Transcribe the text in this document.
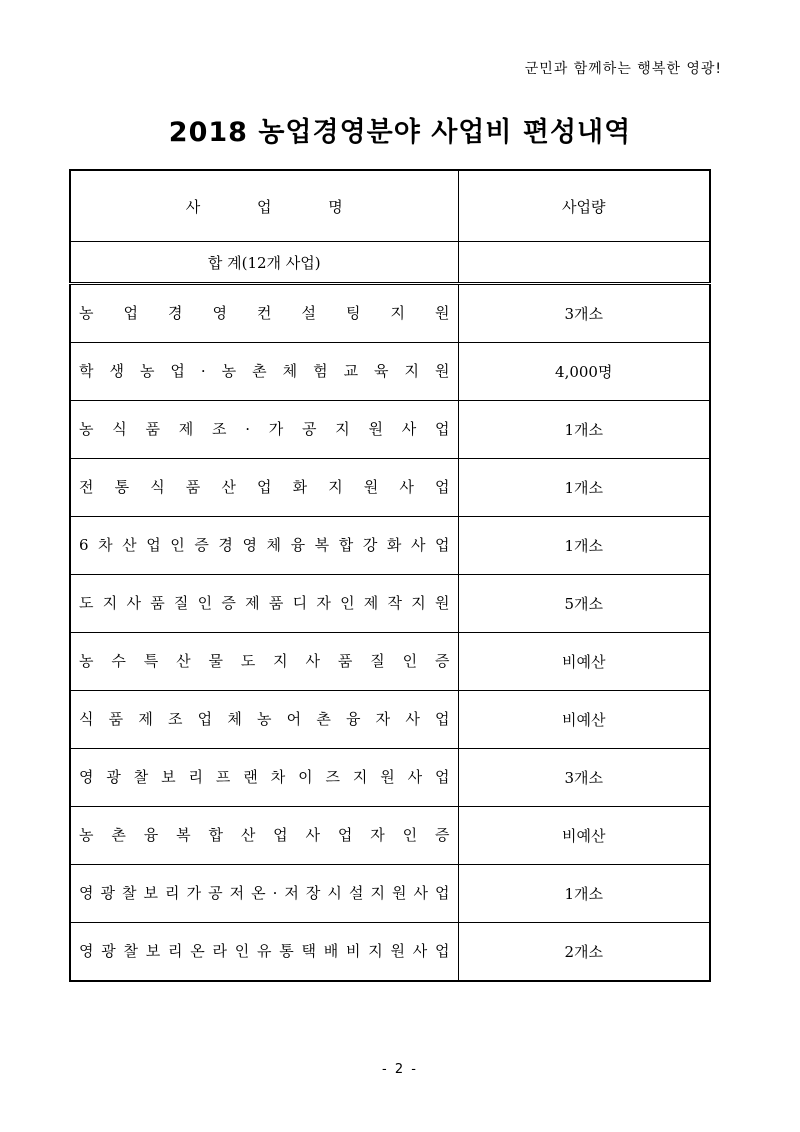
군민과 함께하는 행복한 영광!
2018 농업경영분야 사업비 편성내역
사 업 명	사업량
합 계(12개 사업)	
농 업 경 영 컨 설 팅 지 원	3개소
학 생 농 업 · 농 촌 체 험 교 육 지 원	4,000명
농 식 품 제 조 · 가 공 지 원 사 업	1개소
전 통 식 품 산 업 화 지 원 사 업	1개소
6 차 산 업 인 증 경 영 체 융 복 합 강 화 사 업	1개소
도 지 사 품 질 인 증 제 품 디 자 인 제 작 지 원	5개소
농 수 특 산 물 도 지 사 품 질 인 증	비예산
식 품 제 조 업 체 농 어 촌 융 자 사 업	비예산
영 광 찰 보 리 프 랜 차 이 즈 지 원 사 업	3개소
농 촌 융 복 합 산 업 사 업 자 인 증	비예산
영 광 찰 보 리 가 공 저 온 · 저 장 시 설 지 원 사 업	1개소
영 광 찰 보 리 온 라 인 유 통 택 배 비 지 원 사 업	2개소
- 2 -
